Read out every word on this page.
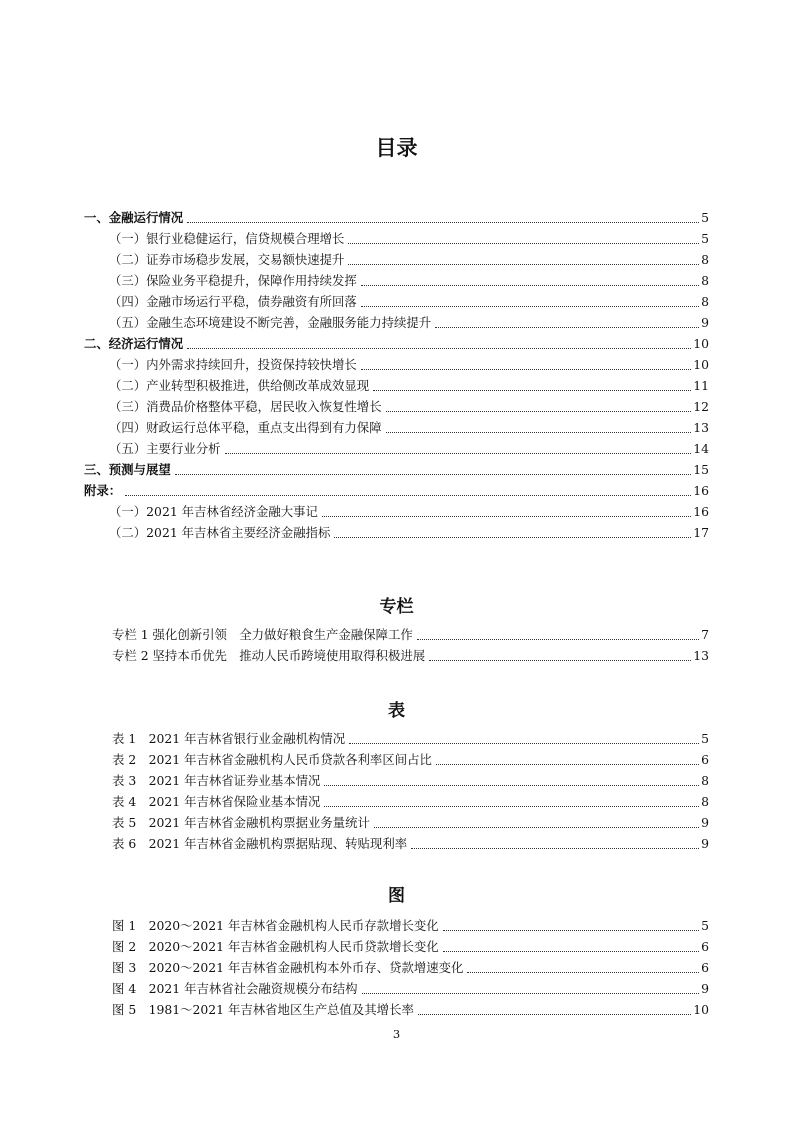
目录
一、金融运行情况	5
（一）银行业稳健运行，信贷规模合理增长	5
（二）证券市场稳步发展，交易额快速提升	8
（三）保险业务平稳提升，保障作用持续发挥	8
（四）金融市场运行平稳，债券融资有所回落	8
（五）金融生态环境建设不断完善，金融服务能力持续提升	9
二、经济运行情况	10
（一）内外需求持续回升，投资保持较快增长	10
（二）产业转型积极推进，供给侧改革成效显现	11
（三）消费品价格整体平稳，居民收入恢复性增长	12
（四）财政运行总体平稳，重点支出得到有力保障	13
（五）主要行业分析	14
三、预测与展望	15
附录：	16
（一）2021 年吉林省经济金融大事记	16
（二）2021 年吉林省主要经济金融指标	17
专栏
专栏 1 强化创新引领　全力做好粮食生产金融保障工作	7
专栏 2 坚持本币优先　推动人民币跨境使用取得积极进展	13
表
表 1　2021 年吉林省银行业金融机构情况	5
表 2　2021 年吉林省金融机构人民币贷款各利率区间占比	6
表 3　2021 年吉林省证券业基本情况	8
表 4　2021 年吉林省保险业基本情况	8
表 5　2021 年吉林省金融机构票据业务量统计	9
表 6　2021 年吉林省金融机构票据贴现、转贴现利率	9
图
图 1　2020～2021 年吉林省金融机构人民币存款增长变化	5
图 2　2020～2021 年吉林省金融机构人民币贷款增长变化	6
图 3　2020～2021 年吉林省金融机构本外币存、贷款增速变化	6
图 4　2021 年吉林省社会融资规模分布结构	9
图 5　1981～2021 年吉林省地区生产总值及其增长率	10
3
